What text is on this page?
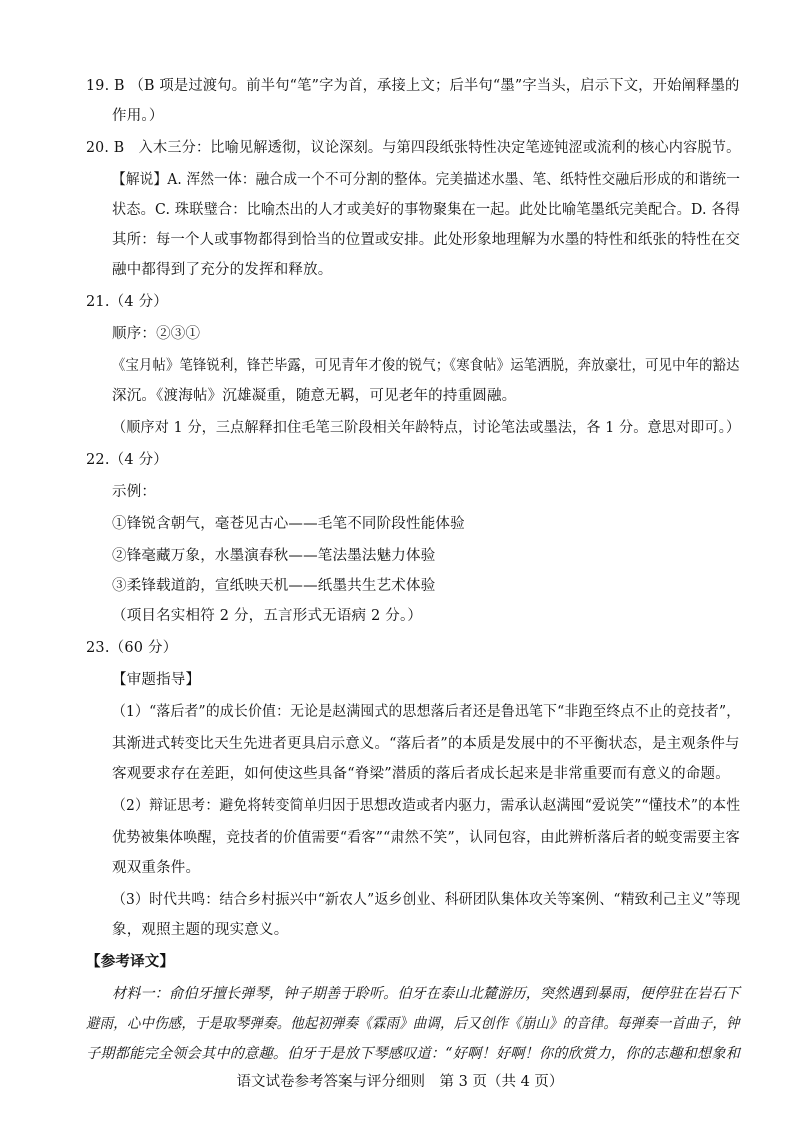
19. B （B 项是过渡句。前半句“笔”字为首，承接上文；后半句“墨”字当头，启示下文，开始阐释墨的
作用。）
20. B　入木三分：比喻见解透彻，议论深刻。与第四段纸张特性决定笔迹钝涩或流利的核心内容脱节。
【解说】A. 浑然一体：融合成一个不可分割的整体。完美描述水墨、笔、纸特性交融后形成的和谐统一
状态。C. 珠联璧合：比喻杰出的人才或美好的事物聚集在一起。此处比喻笔墨纸完美配合。D. 各得
其所：每一个人或事物都得到恰当的位置或安排。此处形象地理解为水墨的特性和纸张的特性在交
融中都得到了充分的发挥和释放。
21.（4 分）
顺序：②③①
《宝月帖》笔锋锐利，锋芒毕露，可见青年才俊的锐气；《寒食帖》运笔洒脱，奔放豪壮，可见中年的豁达
深沉。《渡海帖》沉雄凝重，随意无羁，可见老年的持重圆融。
（顺序对 1 分，三点解释扣住毛笔三阶段相关年龄特点，讨论笔法或墨法，各 1 分。意思对即可。）
22.（4 分）
示例：
①锋锐含朝气，毫苍见古心——毛笔不同阶段性能体验
②锋毫藏万象，水墨演春秋——笔法墨法魅力体验
③柔锋载道韵，宣纸映天机——纸墨共生艺术体验
（项目名实相符 2 分，五言形式无语病 2 分。）
23.（60 分）
【审题指导】
（1）“落后者”的成长价值：无论是赵满囤式的思想落后者还是鲁迅笔下“非跑至终点不止的竞技者”，
其渐进式转变比天生先进者更具启示意义。“落后者”的本质是发展中的不平衡状态，是主观条件与
客观要求存在差距，如何使这些具备“脊梁”潜质的落后者成长起来是非常重要而有意义的命题。
（2）辩证思考：避免将转变简单归因于思想改造或者内驱力，需承认赵满囤“爱说笑”“懂技术”的本性
优势被集体唤醒，竞技者的价值需要“看客”“肃然不笑”，认同包容，由此辨析落后者的蜕变需要主客
观双重条件。
（3）时代共鸣：结合乡村振兴中“新农人”返乡创业、科研团队集体攻关等案例、“精致利己主义”等现
象，观照主题的现实意义。
【参考译文】
材料一：俞伯牙擅长弹琴，钟子期善于聆听。伯牙在泰山北麓游历，突然遇到暴雨，便停驻在岩石下
避雨，心中伤感，于是取琴弹奏。他起初弹奏《霖雨》曲调，后又创作《崩山》的音律。每弹奏一首曲子，钟
子期都能完全领会其中的意趣。伯牙于是放下琴感叹道：“好啊！好啊！你的欣赏力，你的志趣和想象和
语文试卷参考答案与评分细则　第 3 页（共 4 页）
